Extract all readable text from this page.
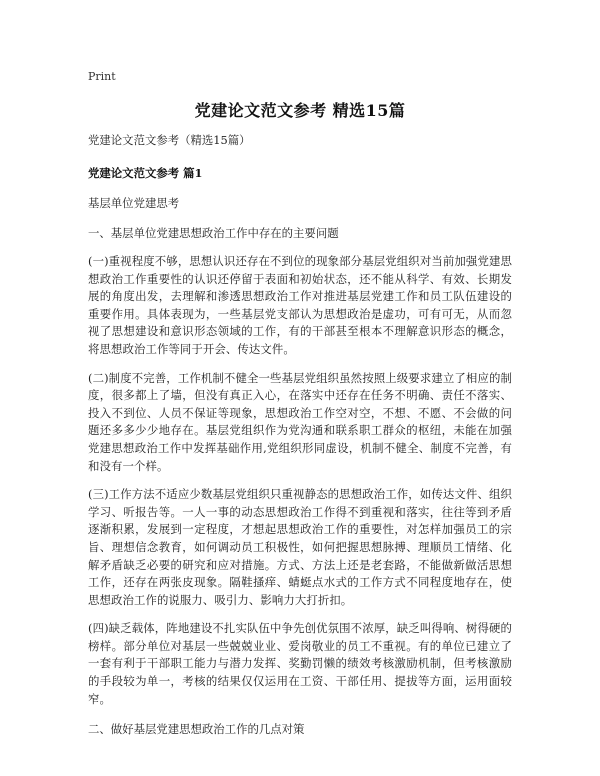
Print
党建论文范文参考 精选15篇

党建论文范文参考（精选15篇）

党建论文范文参考 篇1

基层单位党建思考

一、基层单位党建思想政治工作中存在的主要问题

(一)重视程度不够，思想认识还存在不到位的现象部分基层党组织对当前加强党建思想政治工作重要性的认识还停留于表面和初始状态，还不能从科学、有效、长期发展的角度出发，去理解和渗透思想政治工作对推进基层党建工作和员工队伍建设的重要作用。具体表现为，一些基层党支部认为思想政治是虚功，可有可无，从而忽视了思想建设和意识形态领域的工作，有的干部甚至根本不理解意识形态的概念，将思想政治工作等同于开会、传达文件。

(二)制度不完善，工作机制不健全一些基层党组织虽然按照上级要求建立了相应的制度，很多都上了墙，但没有真正入心，在落实中还存在任务不明确、责任不落实、投入不到位、人员不保证等现象，思想政治工作空对空，不想、不愿、不会做的问题还多多少少地存在。基层党组织作为党沟通和联系职工群众的枢纽，未能在加强党建思想政治工作中发挥基础作用,党组织形同虚设，机制不健全、制度不完善，有和没有一个样。

(三)工作方法不适应少数基层党组织只重视静态的思想政治工作，如传达文件、组织学习、听报告等。一人一事的动态思想政治工作得不到重视和落实，往往等到矛盾逐渐积累，发展到一定程度，才想起思想政治工作的重要性，对怎样加强员工的宗旨、理想信念教育，如何调动员工积极性，如何把握思想脉搏、理顺员工情绪、化解矛盾缺乏必要的研究和应对措施。方式、方法上还是老套路，不能做新做活思想工作，还存在两张皮现象。隔鞋搔痒、蜻蜓点水式的工作方式不同程度地存在，使思想政治工作的说服力、吸引力、影响力大打折扣。

(四)缺乏载体，阵地建设不扎实队伍中争先创优氛围不浓厚，缺乏叫得响、树得硬的榜样。部分单位对基层一些兢兢业业、爱岗敬业的员工不重视。有的单位已建立了一套有利于干部职工能力与潜力发挥、奖勤罚懒的绩效考核激励机制，但考核激励的手段较为单一，考核的结果仅仅运用在工资、干部任用、提拔等方面，运用面较窄。

二、做好基层党建思想政治工作的几点对策
